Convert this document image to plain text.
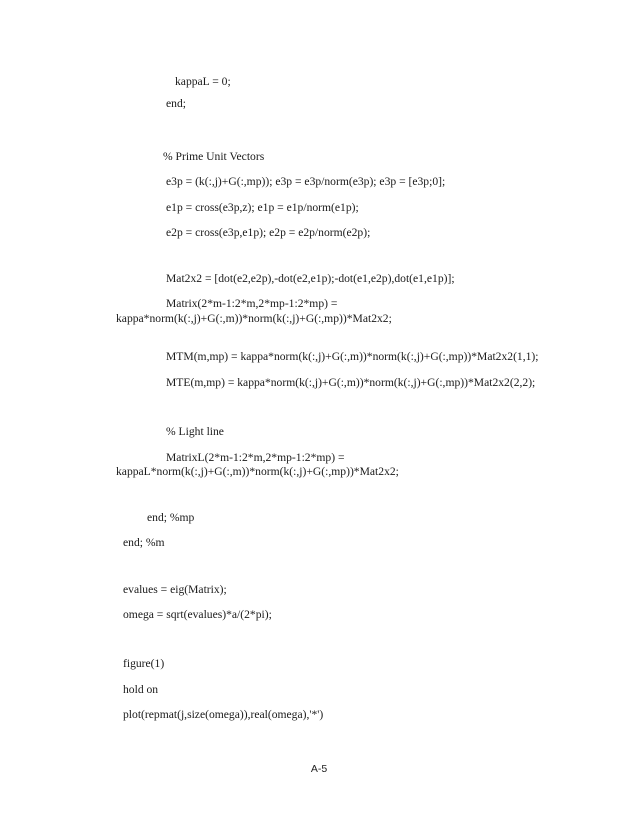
kappaL = 0;
end;
% Prime Unit Vectors
e3p = (k(:,j)+G(:,mp)); e3p = e3p/norm(e3p); e3p = [e3p;0];
e1p = cross(e3p,z); e1p = e1p/norm(e1p);
e2p = cross(e3p,e1p); e2p = e2p/norm(e2p);
Mat2x2 = [dot(e2,e2p),-dot(e2,e1p);-dot(e1,e2p),dot(e1,e1p)];
Matrix(2*m-1:2*m,2*mp-1:2*mp) =
kappa*norm(k(:,j)+G(:,m))*norm(k(:,j)+G(:,mp))*Mat2x2;
MTM(m,mp) = kappa*norm(k(:,j)+G(:,m))*norm(k(:,j)+G(:,mp))*Mat2x2(1,1);
MTE(m,mp) = kappa*norm(k(:,j)+G(:,m))*norm(k(:,j)+G(:,mp))*Mat2x2(2,2);
% Light line
MatrixL(2*m-1:2*m,2*mp-1:2*mp) =
kappaL*norm(k(:,j)+G(:,m))*norm(k(:,j)+G(:,mp))*Mat2x2;
end; %mp
end; %m
evalues = eig(Matrix);
omega = sqrt(evalues)*a/(2*pi);
figure(1)
hold on
plot(repmat(j,size(omega)),real(omega),'*')
A-5
